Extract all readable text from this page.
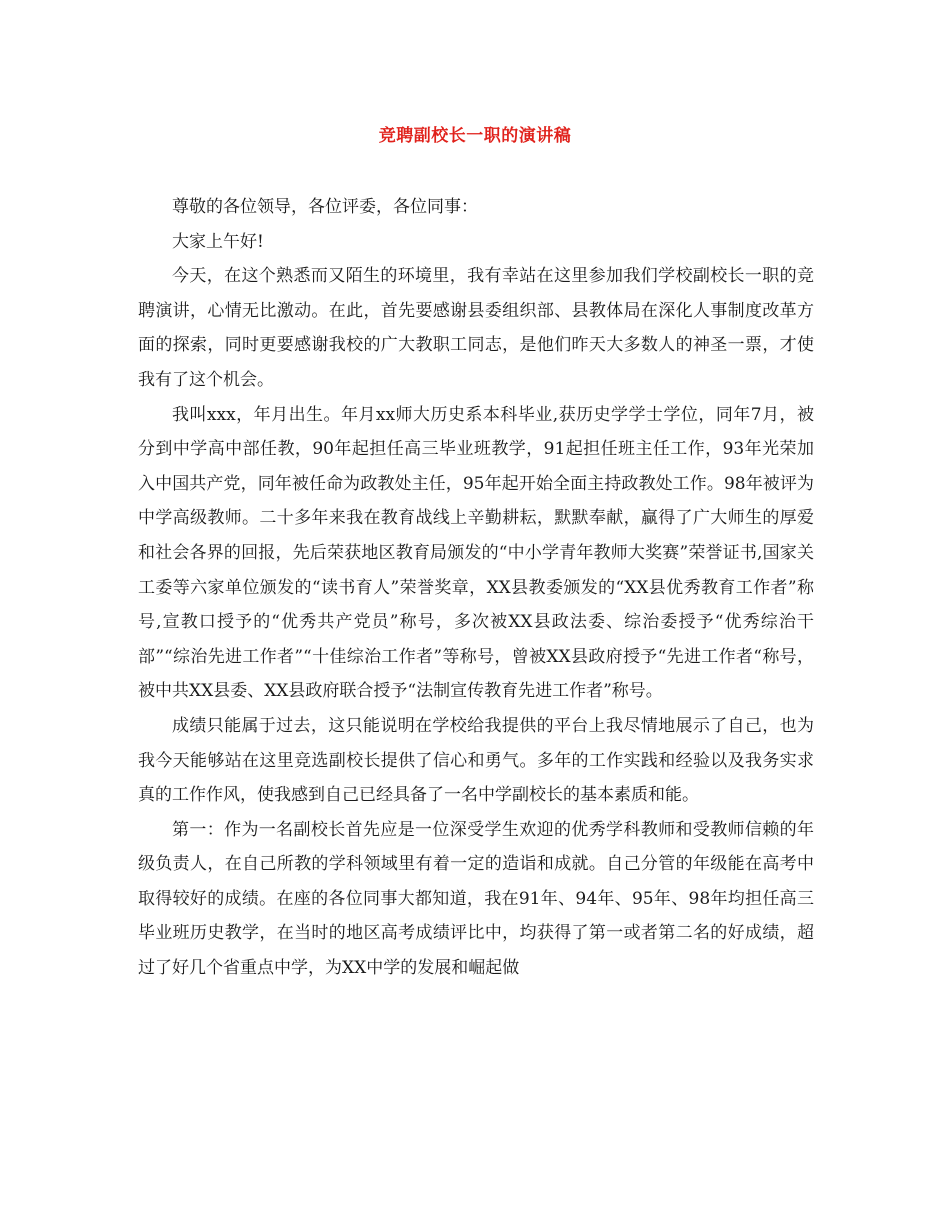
竞聘副校长一职的演讲稿

尊敬的各位领导，各位评委，各位同事：

大家上午好!

今天，在这个熟悉而又陌生的环境里，我有幸站在这里参加我们学校副校长一职的竞聘演讲，心情无比激动。在此，首先要感谢县委组织部、县教体局在深化人事制度改革方面的探索，同时更要感谢我校的广大教职工同志，是他们昨天大多数人的神圣一票，才使我有了这个机会。

我叫xxx，年月出生。年月xx师大历史系本科毕业,获历史学学士学位，同年7月，被分到中学高中部任教，90年起担任高三毕业班教学，91起担任班主任工作，93年光荣加入中国共产党，同年被任命为政教处主任，95年起开始全面主持政教处工作。98年被评为中学高级教师。二十多年来我在教育战线上辛勤耕耘，默默奉献，赢得了广大师生的厚爱和社会各界的回报，先后荣获地区教育局颁发的“中小学青年教师大奖赛”荣誉证书,国家关工委等六家单位颁发的“读书育人”荣誉奖章，XX县教委颁发的“XX县优秀教育工作者”称号,宣教口授予的“优秀共产党员”称号，多次被XX县政法委、综治委授予“优秀综治干部”“综治先进工作者”“十佳综治工作者”等称号，曾被XX县政府授予“先进工作者“称号，被中共XX县委、XX县政府联合授予“法制宣传教育先进工作者”称号。

成绩只能属于过去，这只能说明在学校给我提供的平台上我尽情地展示了自己，也为我今天能够站在这里竞选副校长提供了信心和勇气。多年的工作实践和经验以及我务实求真的工作作风，使我感到自己已经具备了一名中学副校长的基本素质和能。

第一：作为一名副校长首先应是一位深受学生欢迎的优秀学科教师和受教师信赖的年级负责人，在自己所教的学科领域里有着一定的造诣和成就。自己分管的年级能在高考中取得较好的成绩。在座的各位同事大都知道，我在91年、94年、95年、98年均担任高三毕业班历史教学，在当时的地区高考成绩评比中，均获得了第一或者第二名的好成绩，超过了好几个省重点中学，为XX中学的发展和崛起做
